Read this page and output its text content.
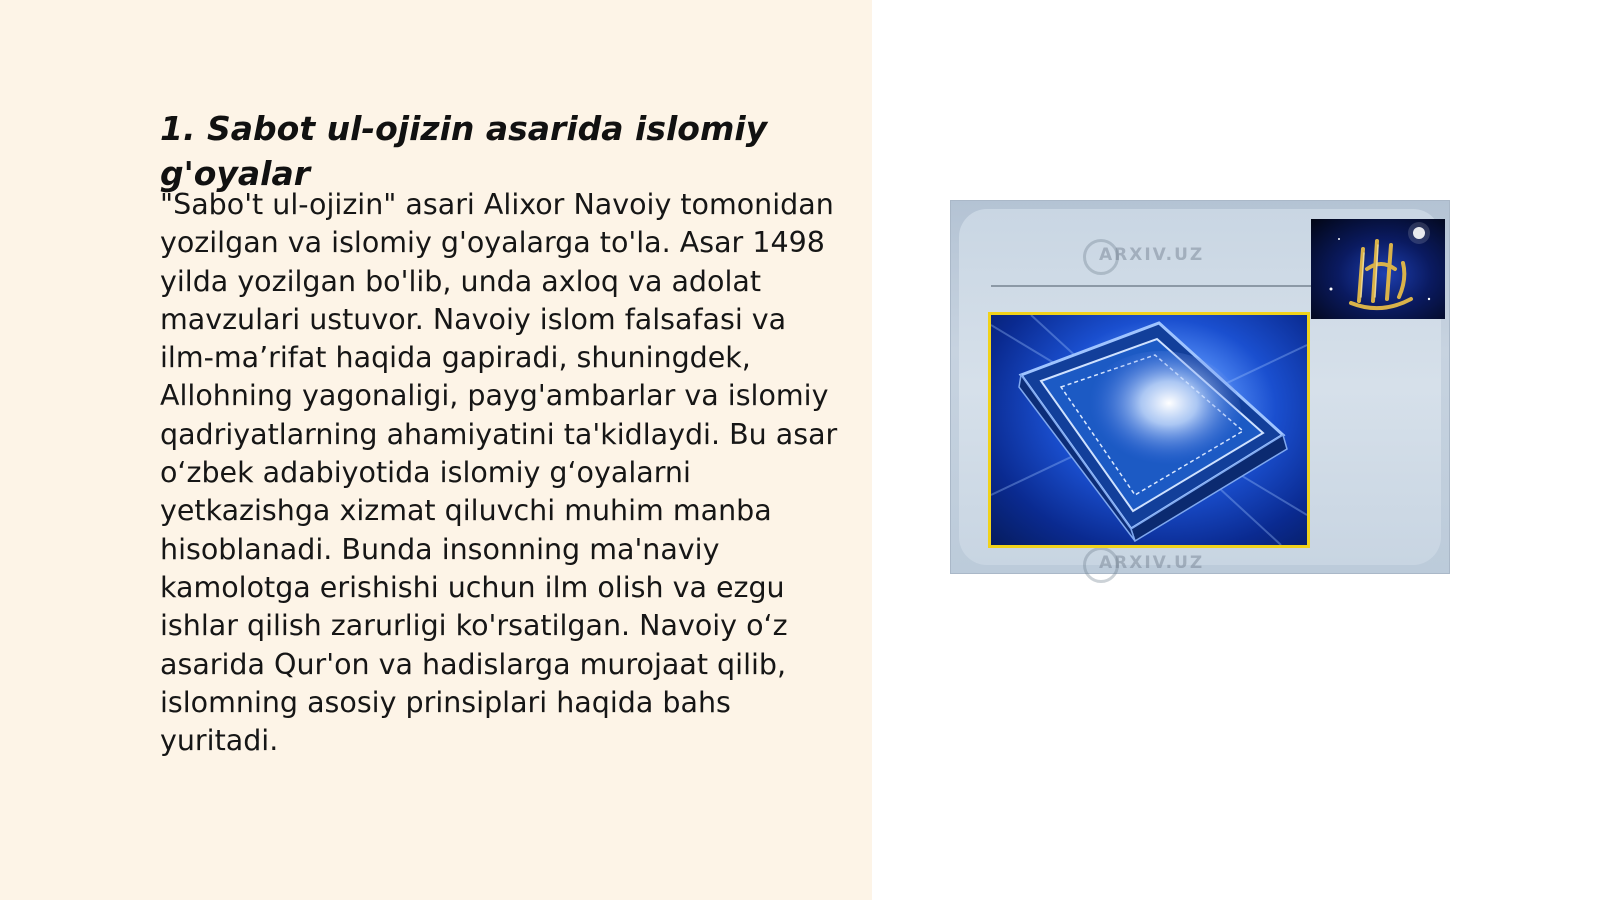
1. Sabot ul-ojizin asarida islomiy g'oyalar

"Sabo't ul-ojizin" asari Alixor Navoiy tomonidan yozilgan va islomiy g'oyalarga to'la. Asar 1498 yilda yozilgan bo'lib, unda axloq va adolat mavzulari ustuvor. Navoiy islom falsafasi va ilm-ma’rifat haqida gapiradi, shuningdek, Allohning yagonaligi, payg'ambarlar va islomiy qadriyatlarning ahamiyatini ta'kidlaydi. Bu asar o‘zbek adabiyotida islomiy g‘oyalarni yetkazishga xizmat qiluvchi muhim manba hisoblanadi. Bunda insonning ma'naviy kamolotga erishishi uchun ilm olish va ezgu ishlar qilish zarurligi ko'rsatilgan. Navoiy o‘z asarida Qur'on va hadislarga murojaat qilib, islomning asosiy prinsiplari haqida bahs yuritadi.

ARXIV.UZ
ARXIV.UZ
